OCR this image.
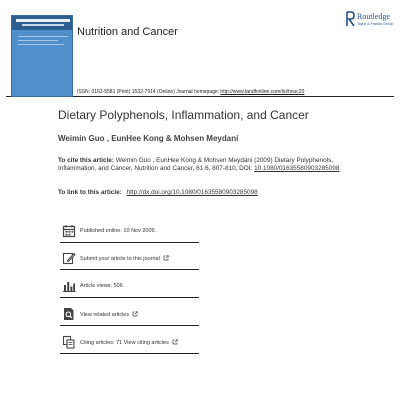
Nutrition and Cancer
Routledge
Taylor & Francis Group
ISSN: 0163-5581 (Print) 1532-7914 (Online) Journal homepage: http://www.tandfonline.com/loi/hnuc20
Dietary Polyphenols, Inflammation, and Cancer
Weimin Guo , EunHee Kong & Mohsen Meydani
To cite this article: Weimin Guo , EunHee Kong & Mohsen Meydani (2009) Dietary Polyphenols, Inflammation, and Cancer, Nutrition and Cancer, 61:6, 807-810, DOI: 10.1080/01635580903285098
To link to this article: http://dx.doi.org/10.1080/01635580903285098
Published online: 10 Nov 2009.
Submit your article to this journal
Article views: 506
View related articles
Citing articles: 71 View citing articles
